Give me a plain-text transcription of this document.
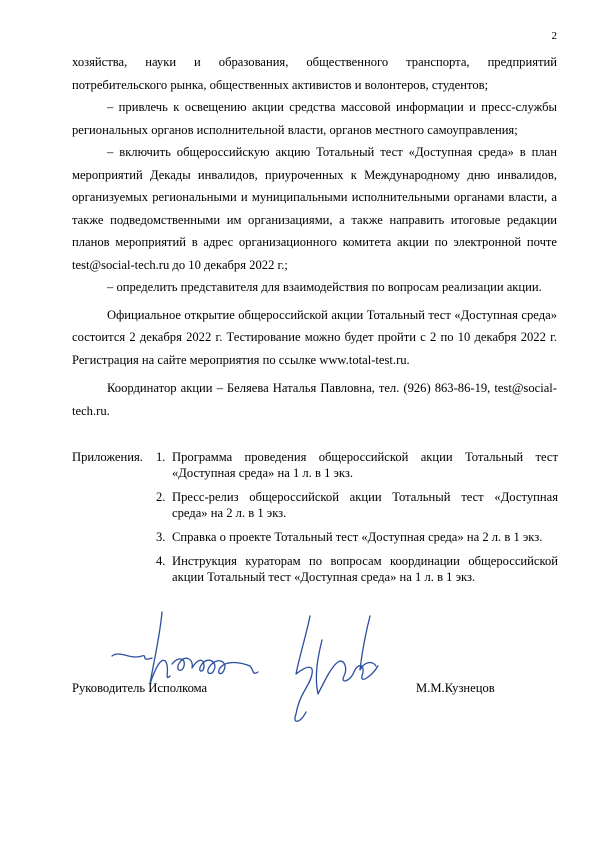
2

хозяйства, науки и образования, общественного транспорта, предприятий потребительского рынка, общественных активистов и волонтеров, студентов;

– привлечь к освещению акции средства массовой информации и пресс-службы региональных органов исполнительной власти, органов местного самоуправления;

– включить общероссийскую акцию Тотальный тест «Доступная среда» в план мероприятий Декады инвалидов, приуроченных к Международному дню инвалидов, организуемых региональными и муниципальными исполнительными органами власти, а также подведомственными им организациями, а также направить итоговые редакции планов мероприятий в адрес организационного комитета акции по электронной почте test@social-tech.ru до 10 декабря 2022 г.;

– определить представителя для взаимодействия по вопросам реализации акции.

Официальное открытие общероссийской акции Тотальный тест «Доступная среда» состоится 2 декабря 2022 г. Тестирование можно будет пройти с 2 по 10 декабря 2022 г. Регистрация на сайте мероприятия по ссылке www.total-test.ru.

Координатор акции – Беляева Наталья Павловна, тел. (926) 863-86-19, test@social-tech.ru.

Приложения. 1. Программа проведения общероссийской акции Тотальный тест «Доступная среда» на 1 л. в 1 экз.
2. Пресс-релиз общероссийской акции Тотальный тест «Доступная среда» на 2 л. в 1 экз.
3. Справка о проекте Тотальный тест «Доступная среда» на 2 л. в 1 экз.
4. Инструкция кураторам по вопросам координации общероссийской акции Тотальный тест «Доступная среда» на 1 л. в 1 экз.
Руководитель Исполкома	М.М.Кузнецов
